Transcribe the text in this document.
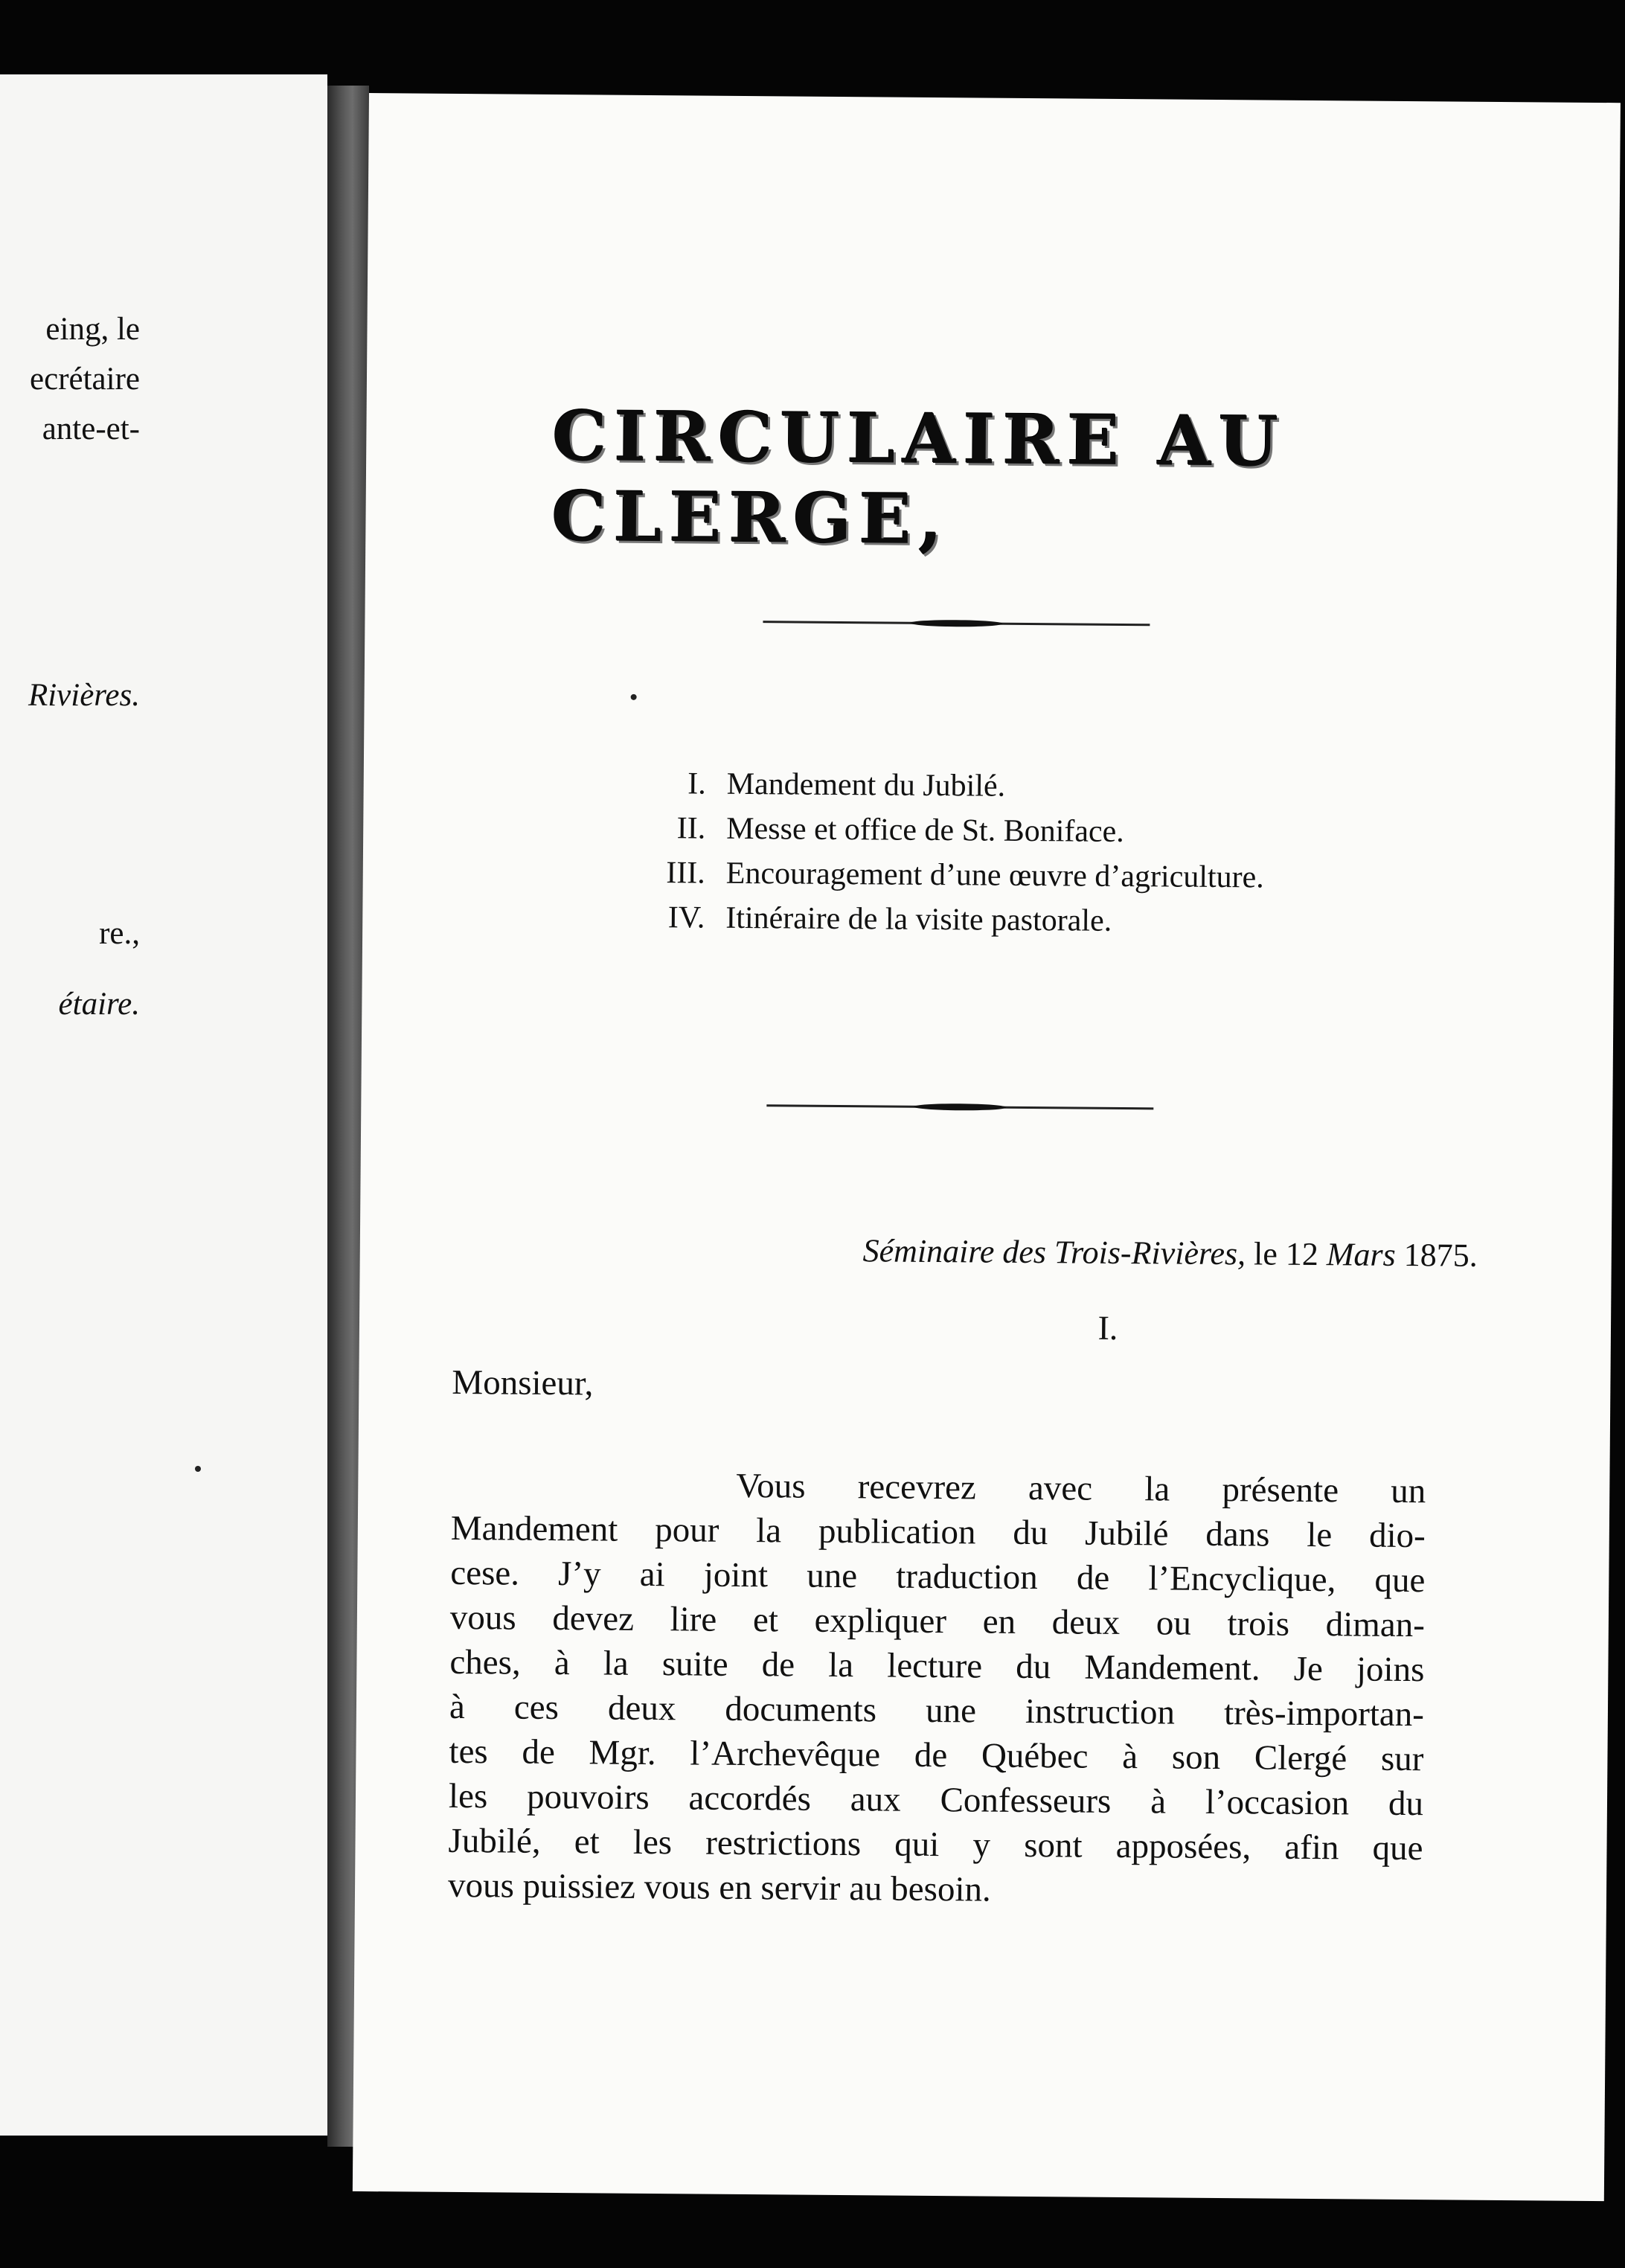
eing, le
ecrétaire
ante-et-
Rivières.
re.,
étaire.
CIRCULAIRE AU CLERGE,
I. Mandement du Jubilé.
II. Messe et office de St. Boniface.
III. Encouragement d’une œuvre d’agriculture.
IV. Itinéraire de la visite pastorale.
Séminaire des Trois-Rivières, le 12 Mars 1875.
I.
Monsieur,
Vous recevrez avec la présente un
Mandement pour la publication du Jubilé dans le dio-
cese. J’y ai joint une traduction de l’Encyclique, que
vous devez lire et expliquer en deux ou trois diman-
ches, à la suite de la lecture du Mandement. Je joins
à ces deux documents une instruction très-importan-
tes de Mgr. l’Archevêque de Québec à son Clergé sur
les pouvoirs accordés aux Confesseurs à l’occasion du
Jubilé, et les restrictions qui y sont apposées, afin que
vous puissiez vous en servir au besoin.
